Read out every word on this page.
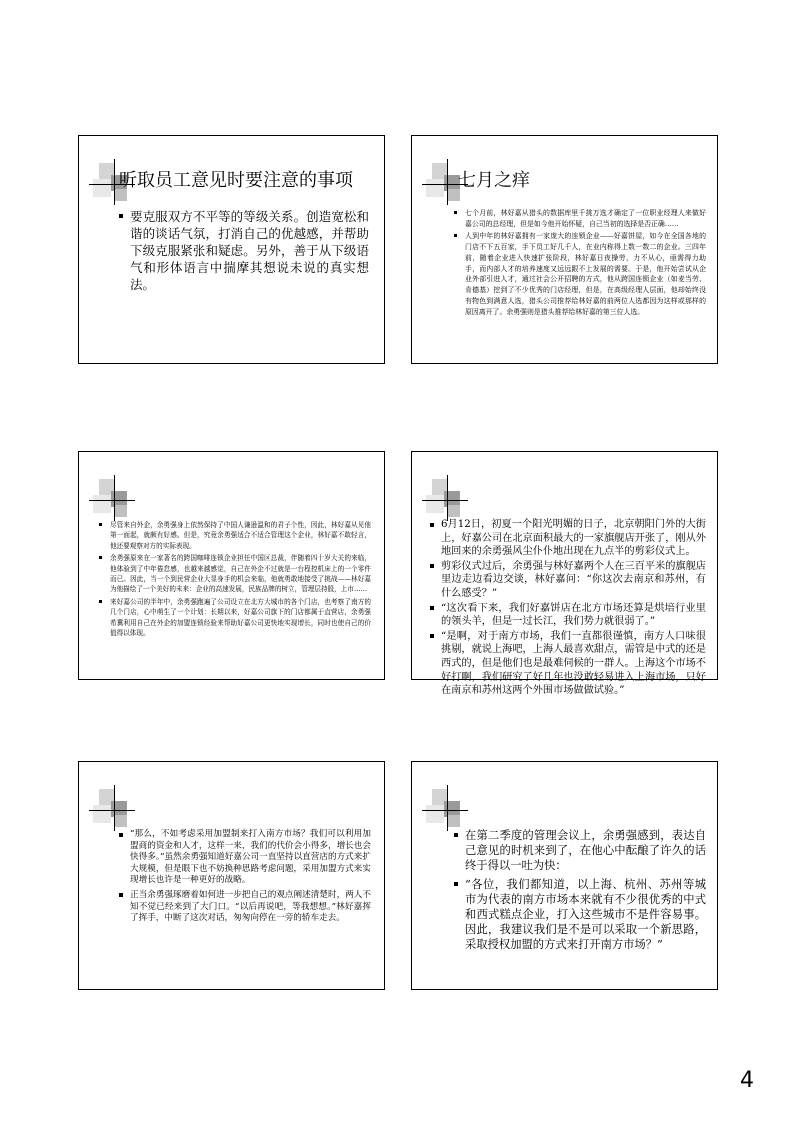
听取员工意见时要注意的事项
要克服双方不平等的等级关系。创造宽松和谐的谈话气氛，打消自己的优越感，并帮助下级克服紧张和疑虑。另外，善于从下级语气和形体语言中揣摩其想说未说的真实想法。
七月之痒
七个月前，林好嘉从猎头的数据库里千挑万选才确定了一位职业经理人来做好嘉公司的总经理，但是如今他开始怀疑，自己当初的选择是否正确……
人到中年的林好嘉拥有一家庞大的连锁企业——好嘉饼屋，如今在全国各地的门店不下五百家，手下员工好几千人，在业内称得上数一数二的企业。三四年前，随着企业进入快速扩张阶段，林好嘉日夜操劳，力不从心，亟需得力助手，而内部人才的培养速度又远远跟不上发展的需要。于是，他开始尝试从企业外部引进人才，通过社会公开招聘的方式，他从跨国连锁企业（如麦当劳、肯德基）挖到了不少优秀的门店经理，但是，在高级经理人层面，他却始终没有物色到满意人选，猎头公司推荐给林好嘉的前两位人选都因为这样或那样的原因离开了。余勇强则是猎头推荐给林好嘉的第三位人选。
尽管来自外企，余勇强身上依然保持了中国人谦逊温和的君子个性，因此，林好嘉从见他第一面起，就颇有好感。但是，究竟余勇强适合不适合管理这个企业，林好嘉不敢轻言，他还要观察对方的实际表现。
余勇强原来在一家著名的跨国咖啡连锁企业担任中国区总裁，伴随着四十岁大关的来临，他体验到了中年倦怠感，也越来越感觉，自己在外企不过就是一台程控机床上的一个零件而已。因此，当一个到民营企业大显身手的机会来临，他就勇敢地接受了挑战——林好嘉为他描绘了一个美好的未来：企业的高速发展，民族品牌的树立，管理层持股，上市……
来好嘉公司的半年中，余勇强跑遍了公司设立在北方大城市的各个门店，也考察了南方的几个门店，心中萌生了一个计划：长期以来，好嘉公司旗下的门店都属于直营店，余勇强希冀利用自己在外企的加盟连锁经验来帮助好嘉公司更快地实现增长，同时也使自己的价值得以体现。
6月12日，初夏一个阳光明媚的日子，北京朝阳门外的大街上，好嘉公司在北京面积最大的一家旗舰店开张了，刚从外地回来的余勇强风尘仆仆地出现在九点半的剪彩仪式上。
剪彩仪式过后，余勇强与林好嘉两个人在三百平米的旗舰店里边走边看边交谈，林好嘉问：“你这次去南京和苏州，有什么感受？”
“这次看下来，我们好嘉饼店在北方市场还算是烘培行业里的领头羊，但是一过长江，我们势力就很弱了。”
“是啊，对于南方市场，我们一直都很谨慎，南方人口味很挑剔，就说上海吧，上海人最喜欢甜点，需管是中式的还是西式的，但是他们也是最难伺候的一群人。上海这个市场不好打啊，我们研究了好几年也没敢轻易进入上海市场，只好在南京和苏州这两个外围市场做做试验。”
“那么，不如考虑采用加盟制来打入南方市场？我们可以利用加盟商的资金和人才，这样一来，我们的代价会小得多，增长也会快得多。”虽然余勇强知道好嘉公司一直坚持以直营店的方式来扩大规模，但是眼下也不妨换种思路考虑问题，采用加盟方式来实现增长也许是一种更好的战略。
正当余勇强琢磨着如何进一步把自己的观点阐述清楚时，两人不知不觉已经来到了大门口。“以后再说吧，等我想想。”林好嘉挥了挥手，中断了这次对话，匆匆向停在一旁的轿车走去。
在第二季度的管理会议上，余勇强感到，表达自己意见的时机来到了，在他心中酝酿了许久的话终于得以一吐为快：
“各位，我们都知道，以上海、杭州、苏州等城市为代表的南方市场本来就有不少很优秀的中式和西式糕点企业，打入这些城市不是件容易事。因此，我建议我们是不是可以采取一个新思路，采取授权加盟的方式来打开南方市场？”
4
